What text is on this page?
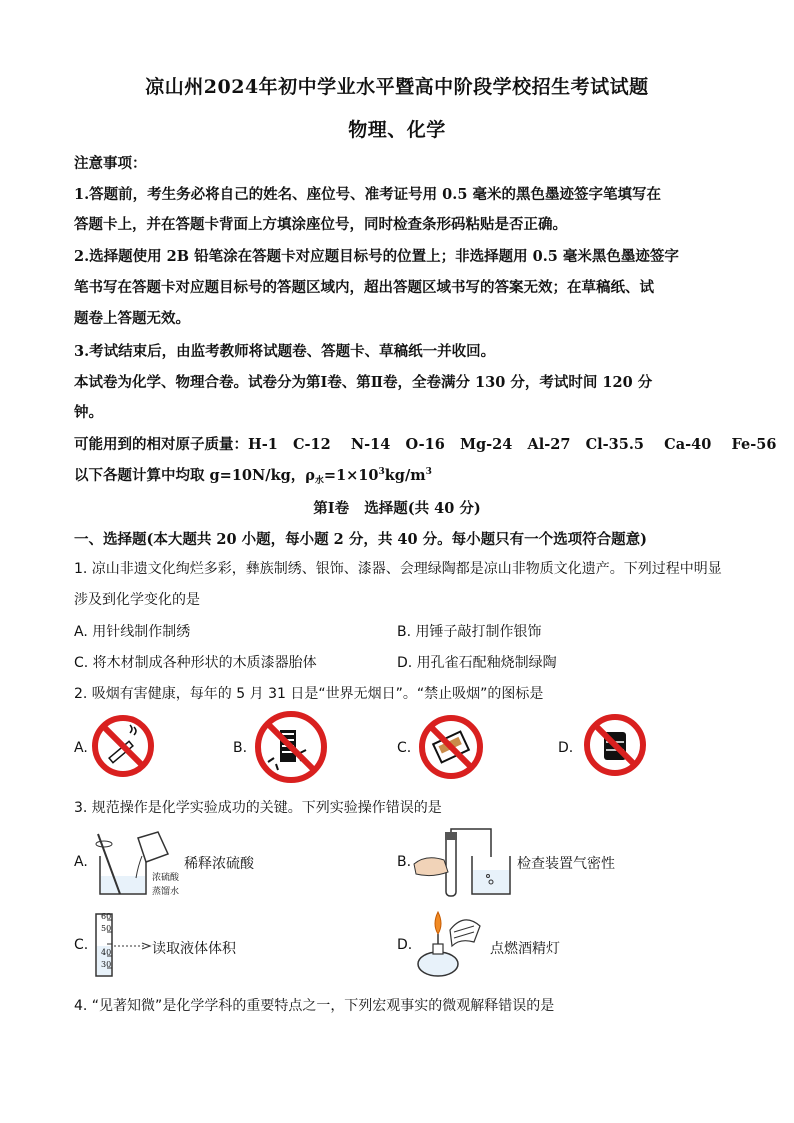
凉山州2024年初中学业水平暨高中阶段学校招生考试试题
物理、化学
注意事项：
1.答题前，考生务必将自己的姓名、座位号、准考证号用 0.5 毫米的黑色墨迹签字笔填写在
答题卡上，并在答题卡背面上方填涂座位号，同时检查条形码粘贴是否正确。
2.选择题使用 2B 铅笔涂在答题卡对应题目标号的位置上；非选择题用 0.5 毫米黑色墨迹签字
笔书写在答题卡对应题目标号的答题区域内，超出答题区域书写的答案无效；在草稿纸、试
题卷上答题无效。
3.考试结束后，由监考教师将试题卷、答题卡、草稿纸一并收回。
本试卷为化学、物理合卷。试卷分为第Ⅰ卷、第Ⅱ卷，全卷满分 130 分，考试时间 120 分
钟。
可能用到的相对原子质量：H-1   C-12    N-14   O-16   Mg-24   Al-27   Cl-35.5    Ca-40    Fe-56
以下各题计算中均取 g=10N/kg，$\rho_水=1\times 10^3kg/m^3$
第Ⅰ卷   选择题(共 40 分)
一、选择题(本大题共 20 小题，每小题 2 分，共 40 分。每小题只有一个选项符合题意)
1. 凉山非遗文化绚烂多彩，彝族制绣、银饰、漆器、会理绿陶都是凉山非物质文化遗产。下列过程中明显
涉及到化学变化的是
A. 用针线制作制绣	B. 用锤子敲打制作银饰
C. 将木材制成各种形状的木质漆器胎体	D. 用孔雀石配釉烧制绿陶
2. 吸烟有害健康，每年的 5 月 31 日是“世界无烟日”。“禁止吸烟”的图标是
A.	B.	C.	D.
3. 规范操作是化学实验成功的关键。下列实验操作错误的是
A.
浓硫酸
蒸馏水
稀释浓硫酸	B.	检查装置气密性
C.
60
50
40
30
读取液体体积	D.	点燃酒精灯
4. “见著知微”是化学学科的重要特点之一，下列宏观事实的微观解释错误的是
